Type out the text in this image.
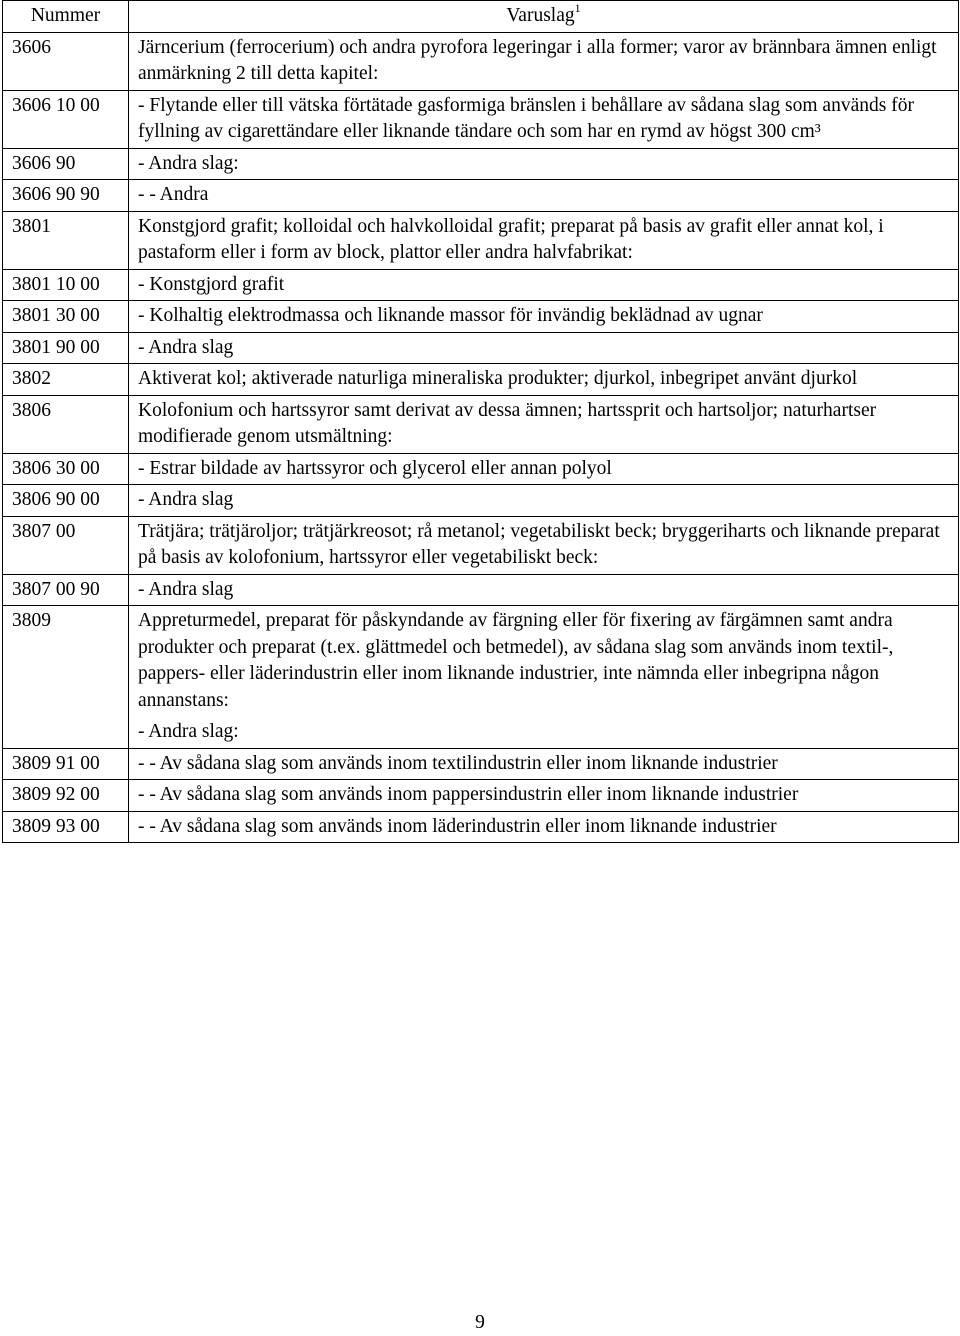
Nummer	Varuslag$^1$
3606	Järncerium (ferrocerium) och andra pyrofora legeringar i alla former; varor av brännbara ämnen enligt anmärkning 2 till detta kapitel:
3606 10 00	- Flytande eller till vätska förtätade gasformiga bränslen i behållare av sådana slag som används för fyllning av cigarettändare eller liknande tändare och som har en rymd av högst 300 cm³
3606 90	- Andra slag:
3606 90 90	- - Andra
3801	Konstgjord grafit; kolloidal och halvkolloidal grafit; preparat på basis av grafit eller annat kol, i pastaform eller i form av block, plattor eller andra halvfabrikat:
3801 10 00	- Konstgjord grafit
3801 30 00	- Kolhaltig elektrodmassa och liknande massor för invändig beklädnad av ugnar
3801 90 00	- Andra slag
3802	Aktiverat kol; aktiverade naturliga mineraliska produkter; djurkol, inbegripet använt djurkol
3806	Kolofonium och hartssyror samt derivat av dessa ämnen; hartssprit och hartsoljor; naturhartser modifierade genom utsmältning:
3806 30 00	- Estrar bildade av hartssyror och glycerol eller annan polyol
3806 90 00	- Andra slag
3807 00	Trätjära; trätjäroljor; trätjärkreosot; rå metanol; vegetabiliskt beck; bryggeriharts och liknande preparat på basis av kolofonium, hartssyror eller vegetabiliskt beck:
3807 00 90	- Andra slag
3809	Appreturmedel, preparat för påskyndande av färgning eller för fixering av färgämnen samt andra produkter och preparat (t.ex. glättmedel och betmedel), av sådana slag som används inom textil-, pappers- eller läderindustrin eller inom liknande industrier, inte nämnda eller inbegripna någon annanstans:
- Andra slag:

3809 91 00	- - Av sådana slag som används inom textilindustrin eller inom liknande industrier
3809 92 00	- - Av sådana slag som används inom pappersindustrin eller inom liknande industrier
3809 93 00	- - Av sådana slag som används inom läderindustrin eller inom liknande industrier
9
